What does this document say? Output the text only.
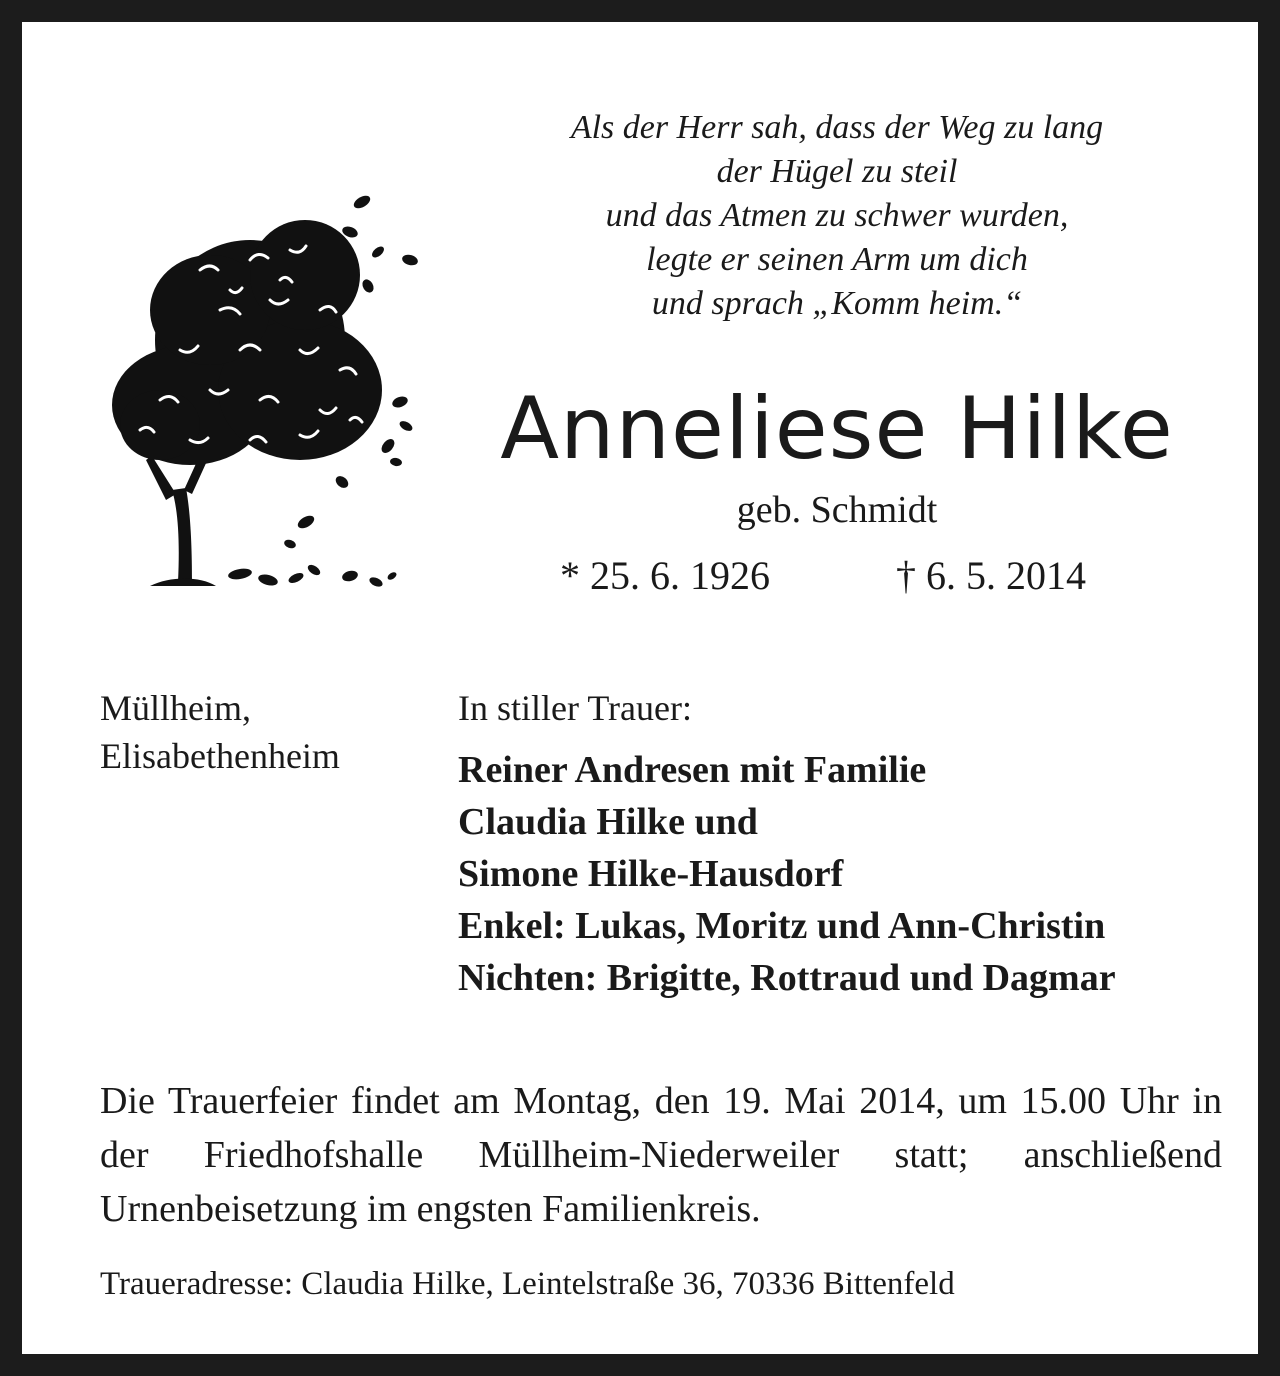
Als der Herr sah, dass der Weg zu lang
der Hügel zu steil
und das Atmen zu schwer wurden,
legte er seinen Arm um dich
und sprach „Komm heim.“
Anneliese Hilke
geb. Schmidt
* 25. 6. 1926	† 6. 5. 2014
Müllheim,
Elisabethenheim
In stiller Trauer:
Reiner Andresen mit Familie
Claudia Hilke und
Simone Hilke-Hausdorf
Enkel: Lukas, Moritz und Ann-Christin
Nichten: Brigitte, Rottraud und Dagmar
Die Trauerfeier findet am Montag, den 19. Mai 2014, um 15.00 Uhr in der Friedhofshalle Müllheim-Niederweiler statt; anschließend Urnenbeisetzung im engsten Familienkreis.
Traueradresse: Claudia Hilke, Leintelstraße 36, 70336 Bittenfeld
